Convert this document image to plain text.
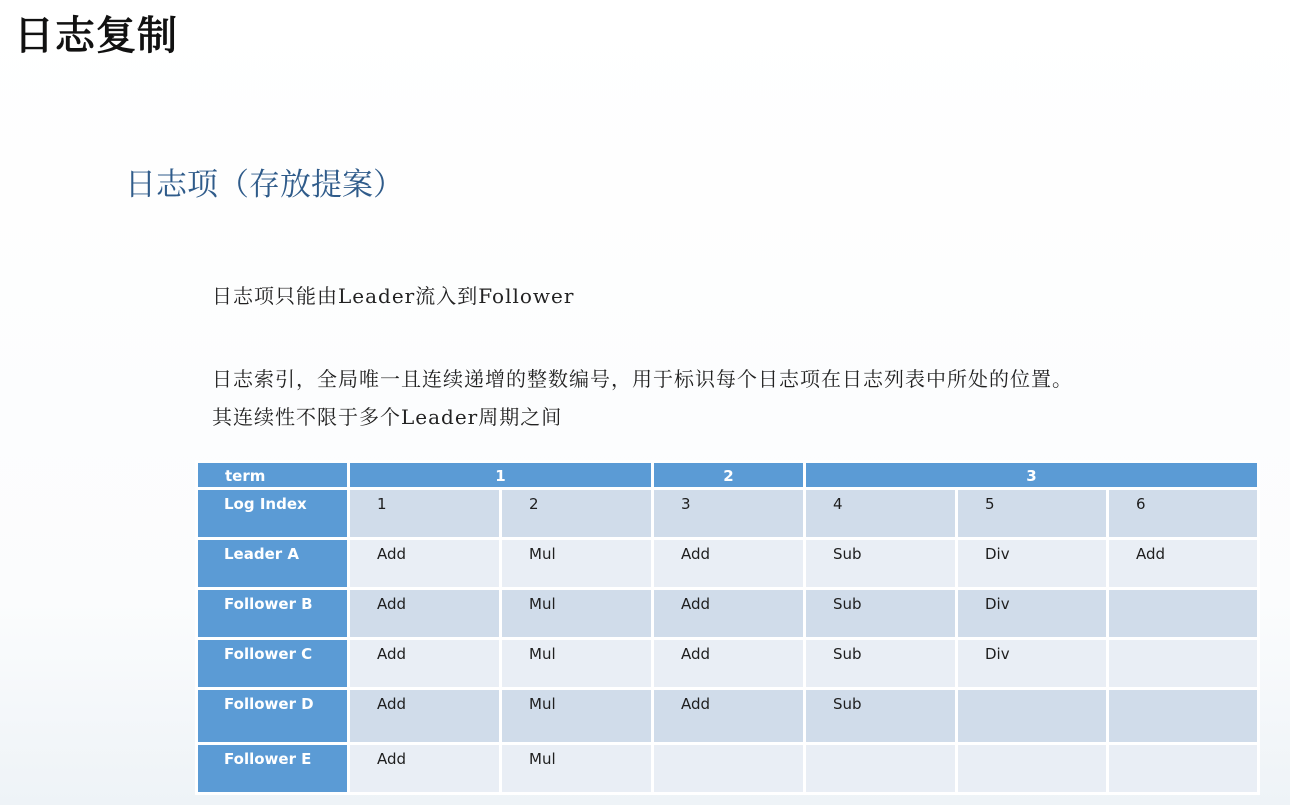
日志复制
日志项（存放提案）
日志项只能由Leader流入到Follower
日志索引，全局唯一且连续递增的整数编号，用于标识每个日志项在日志列表中所处的位置。
其连续性不限于多个Leader周期之间
term	1		2	3		
Log Index	1	2	3	4	5	6
Leader A	Add	Mul	Add	Sub	Div	Add
Follower B	Add	Mul	Add	Sub	Div	
Follower C	Add	Mul	Add	Sub	Div	
Follower D	Add	Mul	Add	Sub		
Follower E	Add	Mul				
